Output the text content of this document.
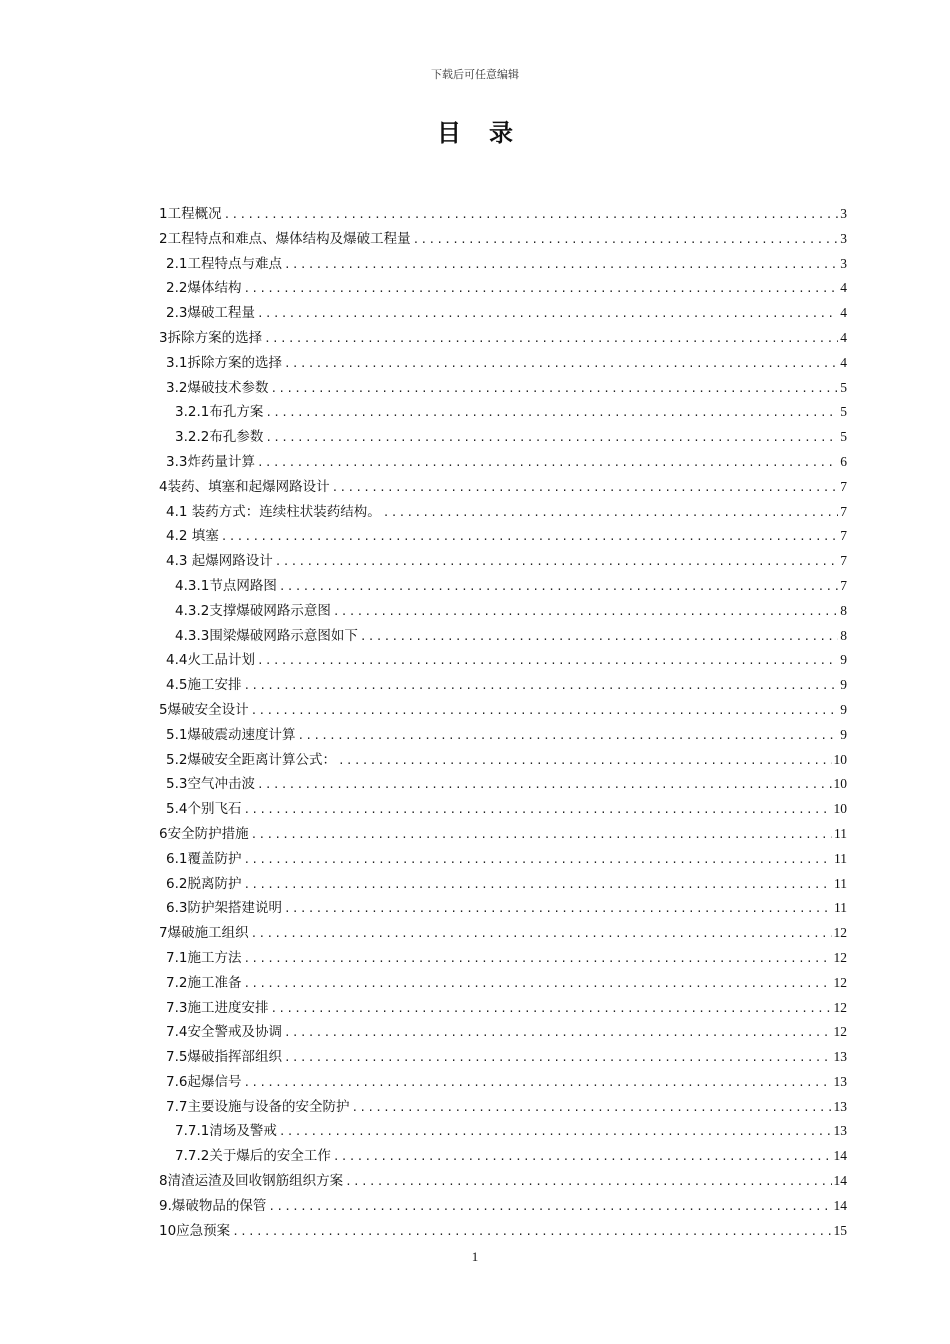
下载后可任意编辑
目录
1工程概况 .....	3
2工程特点和难点、爆体结构及爆破工程量 .....	3
2.1工程特点与难点 .....	3
2.2爆体结构 .....	4
2.3爆破工程量 .....	4
3拆除方案的选择 .....	4
3.1拆除方案的选择 .....	4
3.2爆破技术参数 .....	5
3.2.1布孔方案 .....	5
3.2.2布孔参数 .....	5
3.3炸药量计算 .....	6
4装药、填塞和起爆网路设计 .....	7
4.1 装药方式：连续柱状装药结构。 .....	7
4.2 填塞 .....	7
4.3 起爆网路设计 .....	7
4.3.1节点网路图 .....	7
4.3.2支撑爆破网路示意图 .....	8
4.3.3围梁爆破网路示意图如下 .....	8
4.4火工品计划 .....	9
4.5施工安排 .....	9
5爆破安全设计 .....	9
5.1爆破震动速度计算 .....	9
5.2爆破安全距离计算公式： .....	10
5.3空气冲击波 .....	10
5.4个别飞石 .....	10
6安全防护措施 .....	11
6.1覆盖防护 .....	11
6.2脱离防护 .....	11
6.3防护架搭建说明 .....	11
7爆破施工组织 .....	12
7.1施工方法 .....	12
7.2施工准备 .....	12
7.3施工进度安排 .....	12
7.4安全警戒及协调 .....	12
7.5爆破指挥部组织 .....	13
7.6起爆信号 .....	13
7.7主要设施与设备的安全防护 .....	13
7.7.1清场及警戒 .....	13
7.7.2关于爆后的安全工作 .....	14
8清渣运渣及回收钢筋组织方案 .....	14
9.爆破物品的保管 .....	14
10应急预案 .....	15
1
